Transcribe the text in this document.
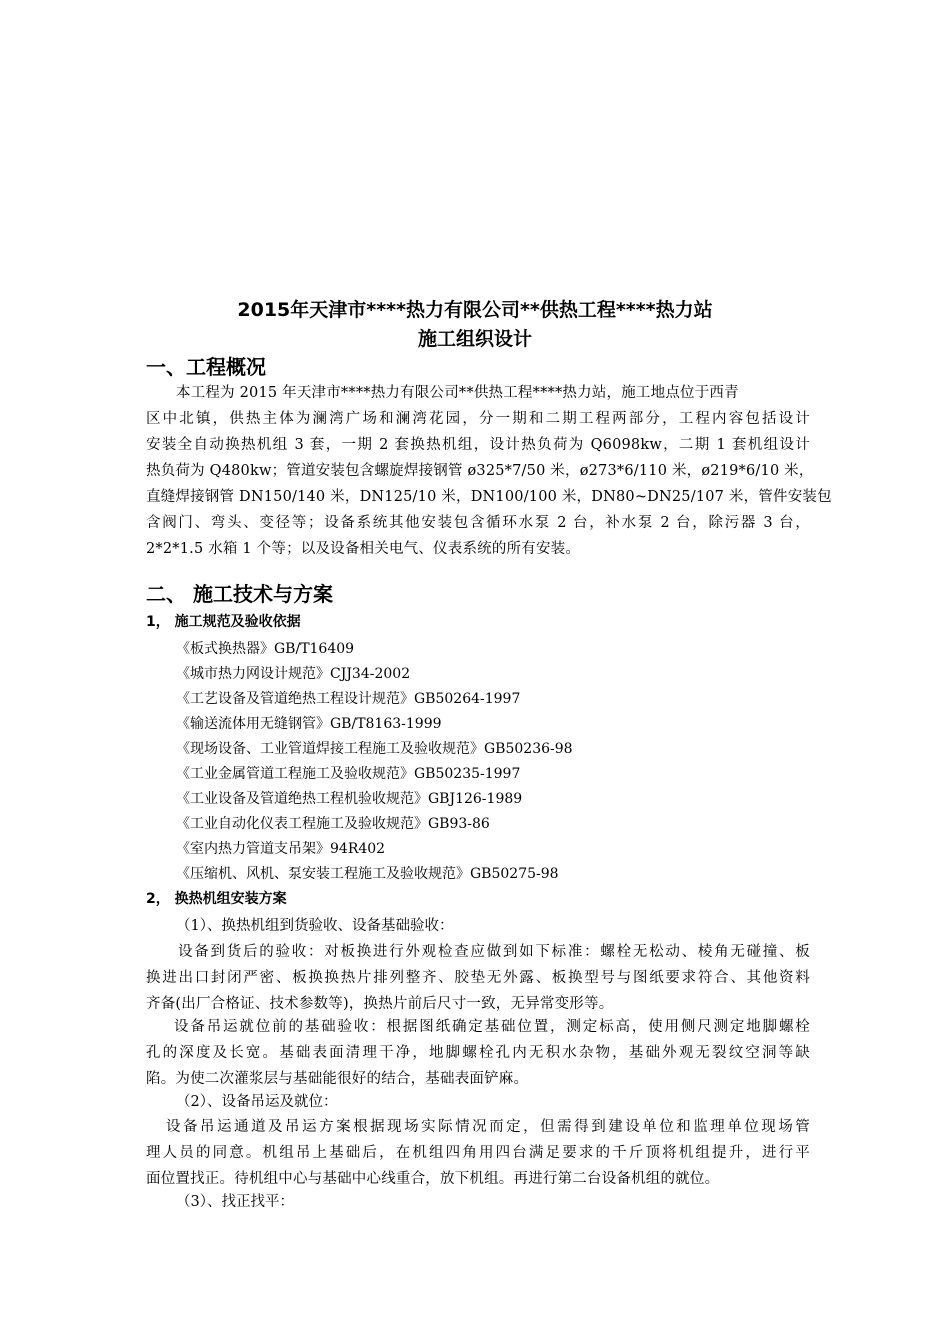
2015年天津市****热力有限公司**供热工程****热力站
施工组织设计
一、工程概况
本工程为 2015 年天津市****热力有限公司**供热工程****热力站，施工地点位于西青
区中北镇，供热主体为澜湾广场和澜湾花园，分一期和二期工程两部分，工程内容包括设计
安装全自动换热机组 3 套，一期 2 套换热机组，设计热负荷为 Q6098kw，二期 1 套机组设计
热负荷为 Q480kw；管道安装包含螺旋焊接钢管 ø325*7/50 米，ø273*6/110 米，ø219*6/10 米，
直缝焊接钢管 DN150/140 米，DN125/10 米，DN100/100 米，DN80~DN25/107 米，管件安装包
含阀门、弯头、变径等；设备系统其他安装包含循环水泵 2 台，补水泵 2 台，除污器 3 台，
2*2*1.5 水箱 1 个等；以及设备相关电气、仪表系统的所有安装。
二、 施工技术与方案
1， 施工规范及验收依据
《板式换热器》GB/T16409
《城市热力网设计规范》CJJ34-2002
《工艺设备及管道绝热工程设计规范》GB50264-1997
《输送流体用无缝钢管》GB/T8163-1999
《现场设备、工业管道焊接工程施工及验收规范》GB50236-98
《工业金属管道工程施工及验收规范》GB50235-1997
《工业设备及管道绝热工程机验收规范》GBJ126-1989
《工业自动化仪表工程施工及验收规范》GB93-86
《室内热力管道支吊架》94R402
《压缩机、风机、泵安装工程施工及验收规范》GB50275-98
2， 换热机组安装方案
（1）、换热机组到货验收、设备基础验收：
设备到货后的验收：对板换进行外观检查应做到如下标准：螺栓无松动、棱角无碰撞、板
换进出口封闭严密、板换换热片排列整齐、胶垫无外露、板换型号与图纸要求符合、其他资料
齐备(出厂合格证、技术参数等)，换热片前后尺寸一致，无异常变形等。
设备吊运就位前的基础验收：根据图纸确定基础位置，测定标高，使用侧尺测定地脚螺栓
孔的深度及长宽。基础表面清理干净，地脚螺栓孔内无积水杂物，基础外观无裂纹空洞等缺
陷。为使二次灌浆层与基础能很好的结合，基础表面铲麻。
（2）、设备吊运及就位：
设备吊运通道及吊运方案根据现场实际情况而定，但需得到建设单位和监理单位现场管
理人员的同意。机组吊上基础后，在机组四角用四台满足要求的千斤顶将机组提升，进行平
面位置找正。待机组中心与基础中心线重合，放下机组。再进行第二台设备机组的就位。
（3）、找正找平：
